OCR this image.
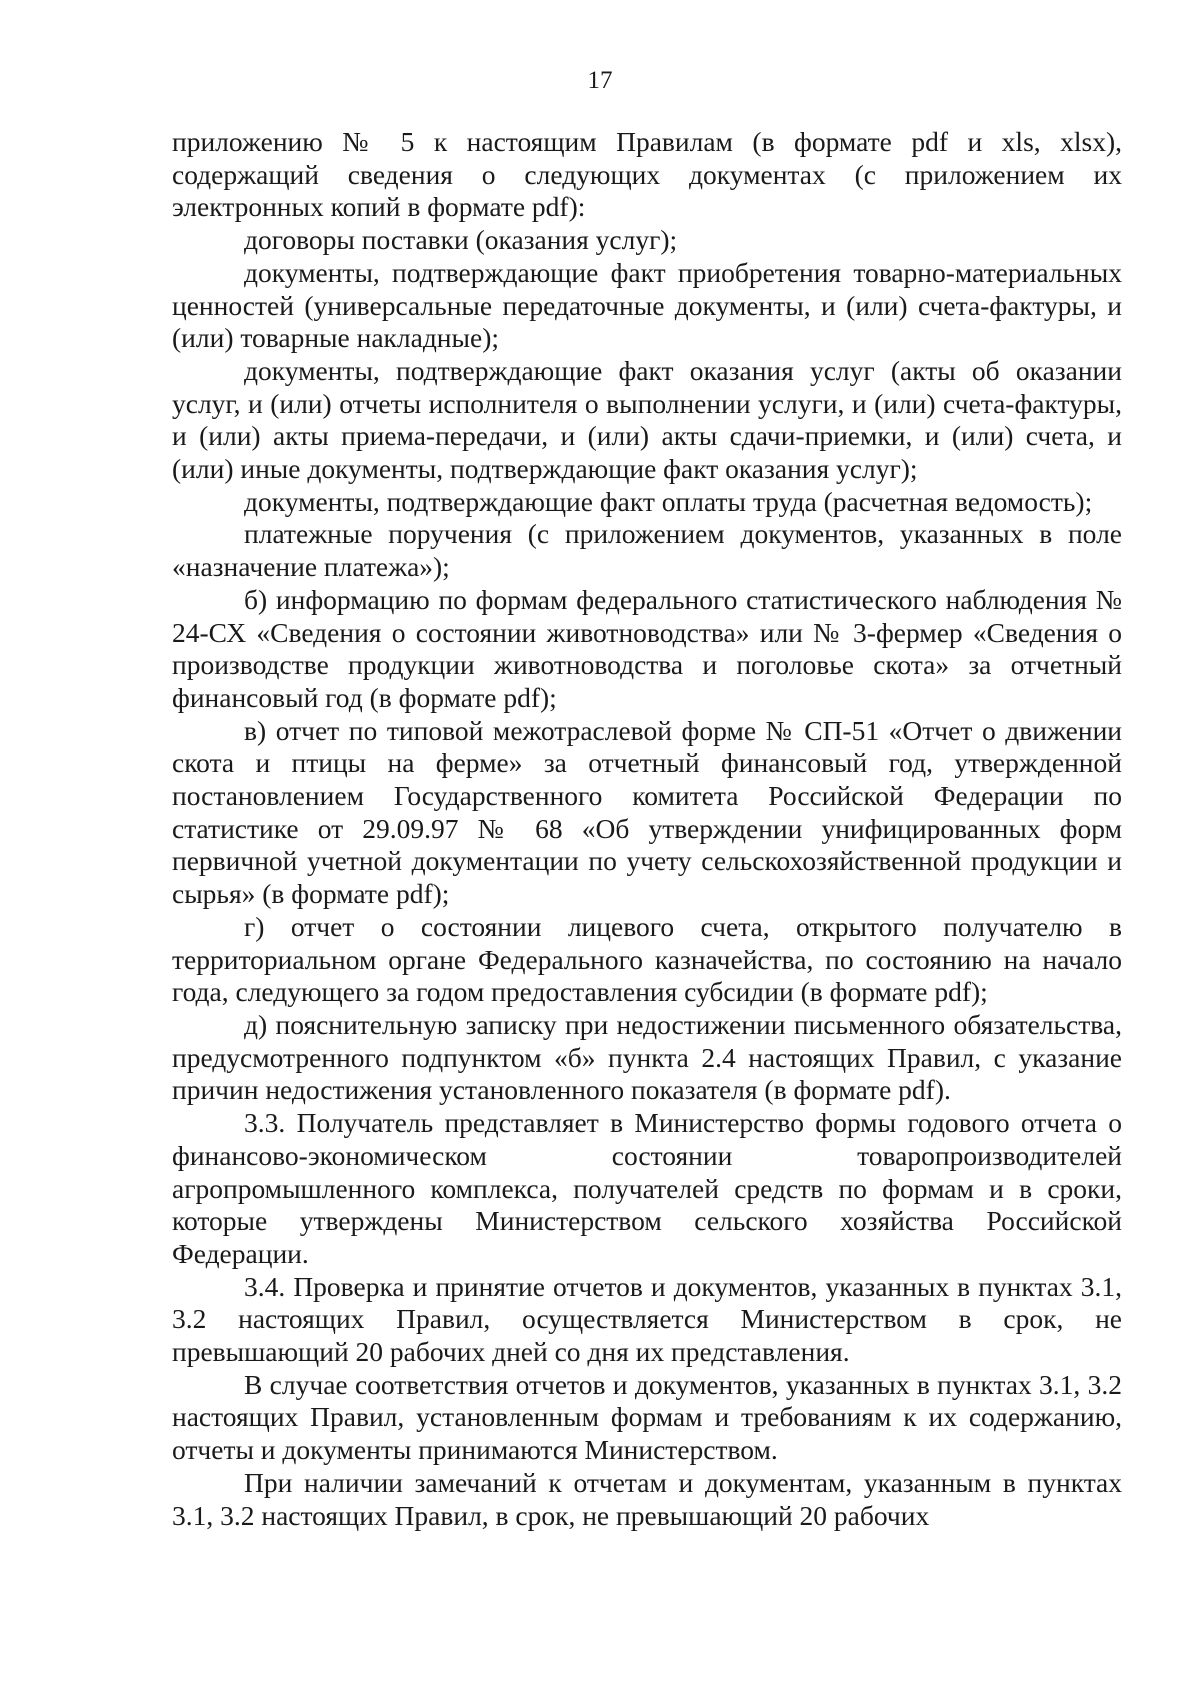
17

приложению № 5 к настоящим Правилам (в формате pdf и xls, xlsx), содержащий сведения о следующих документах (с приложением их электронных копий в формате pdf):

договоры поставки (оказания услуг);

документы, подтверждающие факт приобретения товарно-материальных ценностей (универсальные передаточные документы, и (или) счета-фактуры, и (или) товарные накладные);

документы, подтверждающие факт оказания услуг (акты об оказании услуг, и (или) отчеты исполнителя о выполнении услуги, и (или) счета-фактуры, и (или) акты приема-передачи, и (или) акты сдачи-приемки, и (или) счета, и (или) иные документы, подтверждающие факт оказания услуг);

документы, подтверждающие факт оплаты труда (расчетная ведомость);

платежные поручения (с приложением документов, указанных в поле «назначение платежа»);

б) информацию по формам федерального статистического наблюдения № 24-СХ «Сведения о состоянии животноводства» или № 3-фермер «Сведения о производстве продукции животноводства и поголовье скота» за отчетный финансовый год (в формате pdf);

в) отчет по типовой межотраслевой форме № СП-51 «Отчет о движении скота и птицы на ферме» за отчетный финансовый год, утвержденной постановлением Государственного комитета Российской Федерации по статистике от 29.09.97 № 68 «Об утверждении унифицированных форм первичной учетной документации по учету сельскохозяйственной продукции и сырья» (в формате pdf);

г) отчет о состоянии лицевого счета, открытого получателю в территориальном органе Федерального казначейства, по состоянию на начало года, следующего за годом предоставления субсидии (в формате pdf);

д) пояснительную записку при недостижении письменного обязательства, предусмотренного подпунктом «б» пункта 2.4 настоящих Правил, с указание причин недостижения установленного показателя (в формате pdf).

3.3. Получатель представляет в Министерство формы годового отчета о финансово-экономическом состоянии товаропроизводителей агропромышленного комплекса, получателей средств по формам и в сроки, которые утверждены Министерством сельского хозяйства Российской Федерации.

3.4. Проверка и принятие отчетов и документов, указанных в пунктах 3.1, 3.2 настоящих Правил, осуществляется Министерством в срок, не превышающий 20 рабочих дней со дня их представления.

В случае соответствия отчетов и документов, указанных в пунктах 3.1, 3.2 настоящих Правил, установленным формам и требованиям к их содержанию, отчеты и документы принимаются Министерством.

При наличии замечаний к отчетам и документам, указанным в пунктах 3.1, 3.2 настоящих Правил, в срок, не превышающий 20 рабочих
